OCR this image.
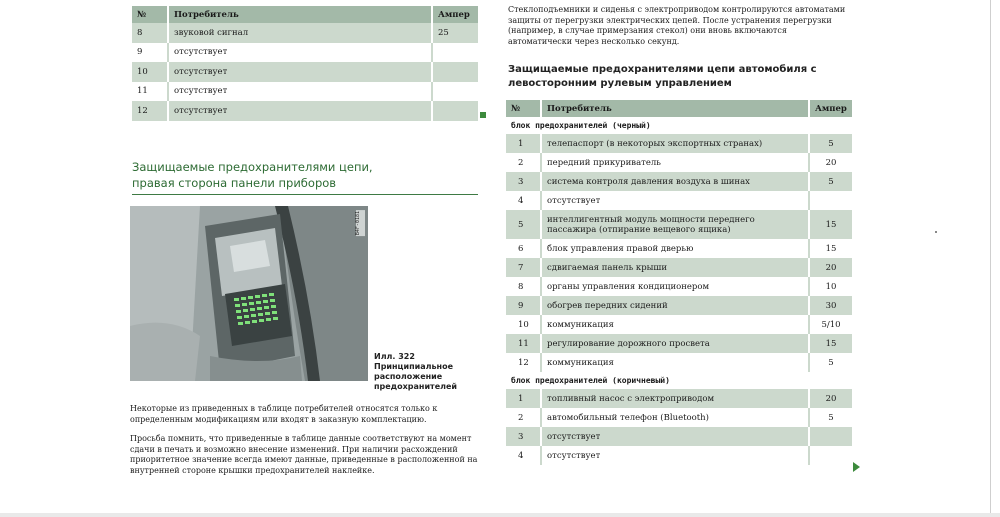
№	Потребитель	Ампер
8	звуковой сигнал	25
9	отсутствует	
10	отсутствует	
11	отсутствует	
12	отсутствует	
Защищаемые предохранителями цепи,
правая сторона панели приборов
B4F-0181
Илл. 322 Принципиальное расположение предохранителей
Некоторые из приведенных в таблице потребителей относятся только к определенным модификациям или входят в заказную комплектацию.
Просьба помнить, что приведенные в таблице данные соответствуют на момент сдачи в печать и возможно внесение изменений. При наличии расхождений приоритетное значение всегда имеют данные, приведенные в расположенной на внутренней стороне крышки предохранителей наклейке.
Стеклоподъемники и сиденья с электроприводом контролируются автоматами защиты от перегрузки электрических цепей. После устранения перегрузки (например, в случае примерзания стекол) они вновь включаются автоматически через несколько секунд.
Защищаемые предохранителями цепи автомобиля с
левосторонним рулевым управлением
№	Потребитель	Ампер
блок предохранителей (черный)		
1	телепаспорт (в некоторых экспортных странах)	5
2	передний прикуриватель	20
3	система контроля давления воздуха в шинах	5
4	отсутствует	
5	интеллигентный модуль мощности переднего пассажира (отпирание вещевого ящика)	15
6	блок управления правой дверью	15
7	сдвигаемая панель крыши	20
8	органы управления кондиционером	10
9	обогрев передних сидений	30
10	коммуникация	5/10
11	регулирование дорожного просвета	15
12	коммуникация	5
блок предохранителей (коричневый)		
1	топливный насос с электроприводом	20
2	автомобильный телефон (Bluetooth)	5
3	отсутствует	
4	отсутствует	
